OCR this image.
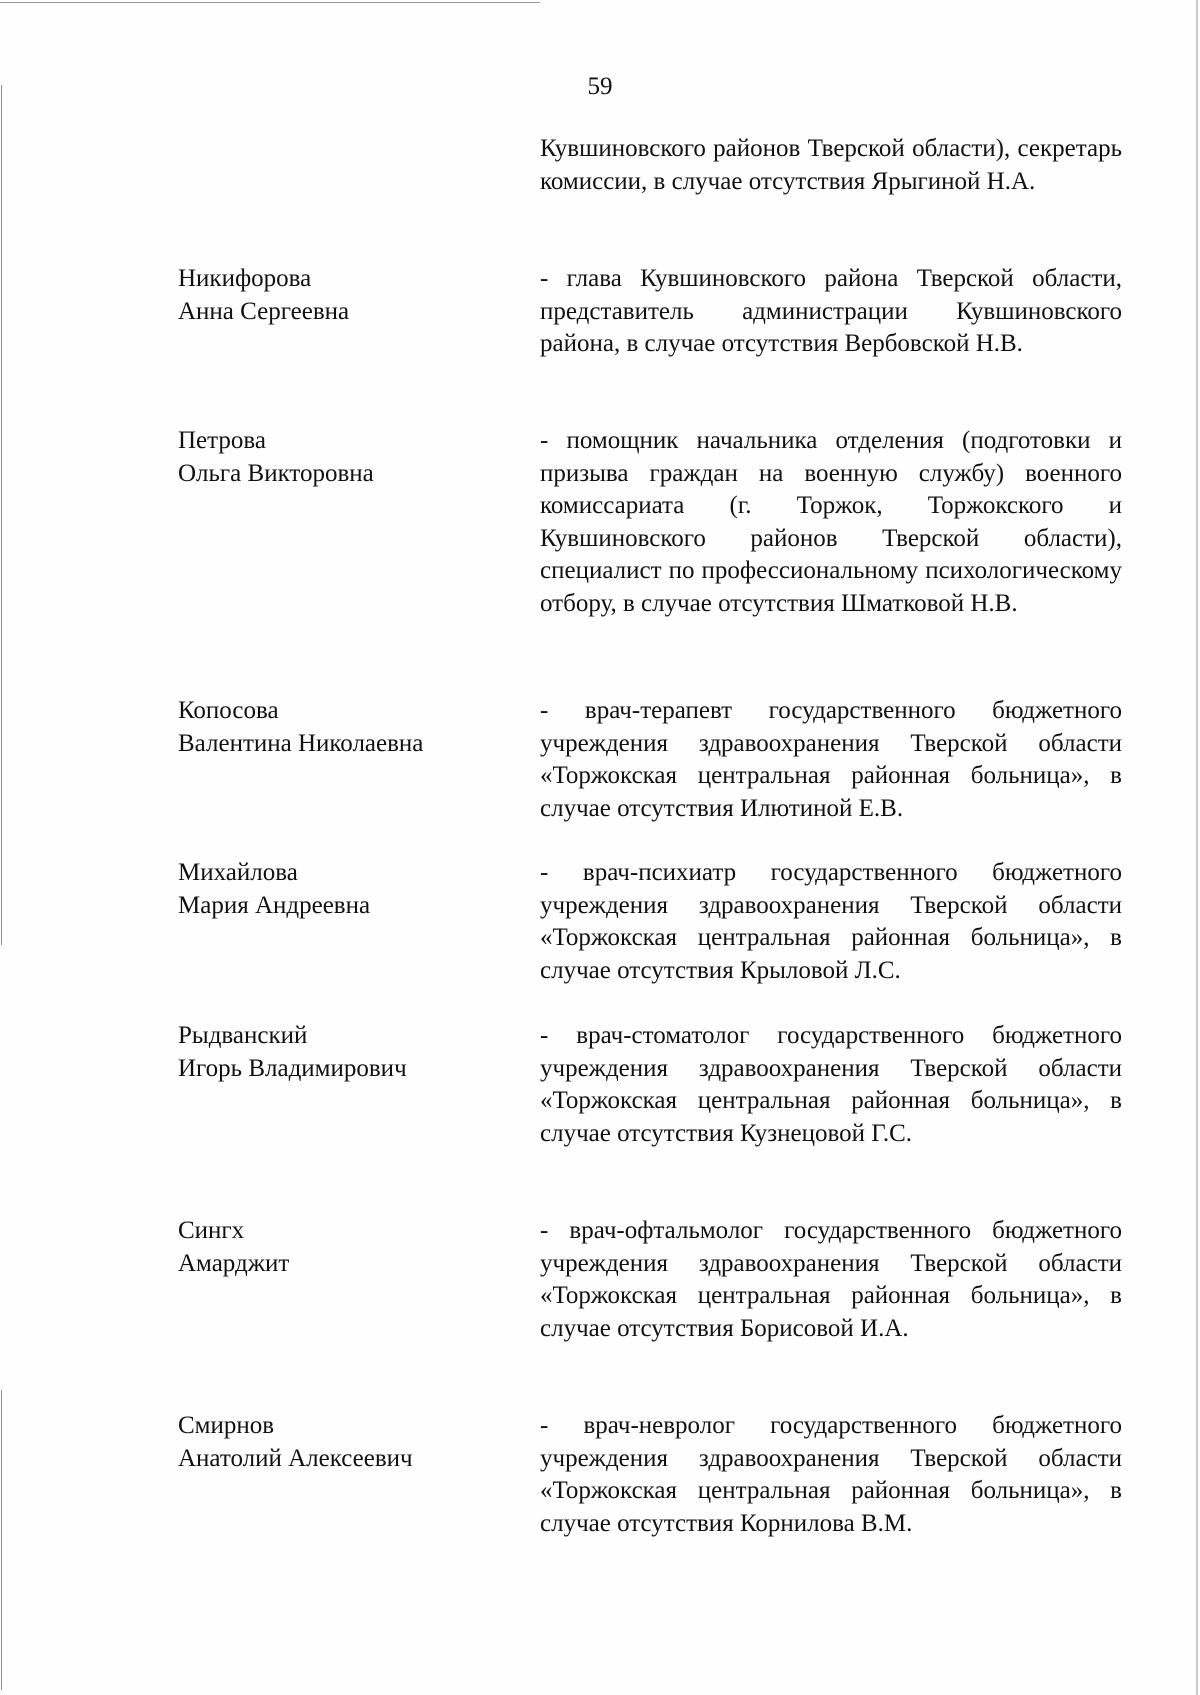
59
Кувшиновского районов Тверской области), секретарь комиссии, в случае отсутствия Ярыгиной Н.А.
Никифорова
Анна Сергеевна
- глава Кувшиновского района Тверской области, представитель администрации Кувшиновского района, в случае отсутствия Вербовской Н.В.
Петрова
Ольга Викторовна
- помощник начальника отделения (подготовки и призыва граждан на военную службу) военного комиссариата (г. Торжок, Торжокского и Кувшиновского районов Тверской области), специалист по профессиональному психологическому отбору, в случае отсутствия Шматковой Н.В.
Копосова
Валентина Николаевна
- врач-терапевт государственного бюджетного учреждения здравоохранения Тверской области «Торжокская центральная районная больница», в случае отсутствия Илютиной Е.В.
Михайлова
Мария Андреевна
- врач-психиатр государственного бюджетного учреждения здравоохранения Тверской области «Торжокская центральная районная больница», в случае отсутствия Крыловой Л.С.
Рыдванский
Игорь Владимирович
- врач-стоматолог государственного бюджетного учреждения здравоохранения Тверской области «Торжокская центральная районная больница», в случае отсутствия Кузнецовой Г.С.
Сингх
Амарджит
- врач-офтальмолог государственного бюджетного учреждения здравоохранения Тверской области «Торжокская центральная районная больница», в случае отсутствия Борисовой И.А.
Смирнов
Анатолий Алексеевич
- врач-невролог государственного бюджетного учреждения здравоохранения Тверской области «Торжокская центральная районная больница», в случае отсутствия Корнилова В.М.
